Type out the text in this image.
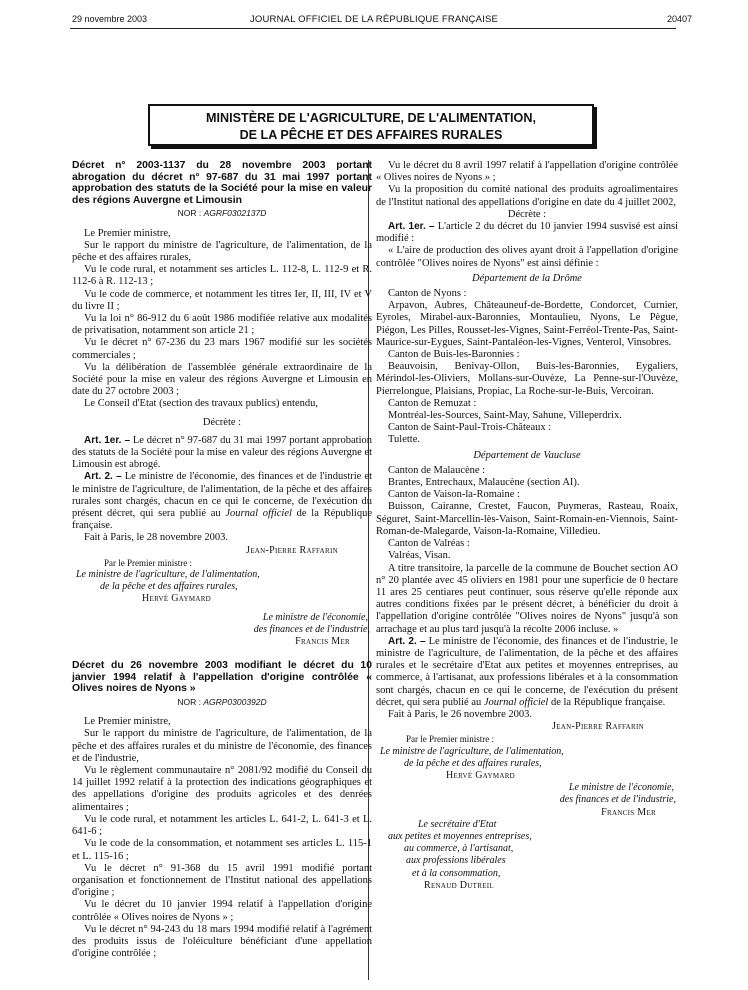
29 novembre 2003	JOURNAL OFFICIEL DE LA RÉPUBLIQUE FRANÇAISE	20407
MINISTÈRE DE L'AGRICULTURE, DE L'ALIMENTATION,
DE LA PÊCHE ET DES AFFAIRES RURALES
Décret n° 2003-1137 du 28 novembre 2003 portant abrogation du décret n° 97-687 du 31 mai 1997 portant approbation des statuts de la Société pour la mise en valeur des régions Auvergne et Limousin
NOR : AGRF0302137D

Le Premier ministre,

Sur le rapport du ministre de l'agriculture, de l'alimentation, de la pêche et des affaires rurales,

Vu le code rural, et notamment ses articles L. 112-8, L. 112-9 et R. 112-6 à R. 112-13 ;

Vu le code de commerce, et notamment les titres Ier, II, III, IV et V du livre II ;

Vu la loi n° 86-912 du 6 août 1986 modifiée relative aux modalités de privatisation, notamment son article 21 ;

Vu le décret n° 67-236 du 23 mars 1967 modifié sur les sociétés commerciales ;

Vu la délibération de l'assemblée générale extraordinaire de la Société pour la mise en valeur des régions Auvergne et Limousin en date du 27 octobre 2003 ;

Le Conseil d'Etat (section des travaux publics) entendu,

Décrète :

Art. 1er. – Le décret n° 97-687 du 31 mai 1997 portant approbation des statuts de la Société pour la mise en valeur des régions Auvergne et Limousin est abrogé.

Art. 2. – Le ministre de l'économie, des finances et de l'industrie et le ministre de l'agriculture, de l'alimentation, de la pêche et des affaires rurales sont chargés, chacun en ce qui le concerne, de l'exécution du présent décret, qui sera publié au Journal officiel de la République française.

Fait à Paris, le 28 novembre 2003.

Jean-Pierre Raffarin

Par le Premier ministre :

Le ministre de l'agriculture, de l'alimentation,

de la pêche et des affaires rurales,

Hervé Gaymard

Le ministre de l'économie,

des finances et de l'industrie,

Francis Mer

Décret du 26 novembre 2003 modifiant le décret du 10 janvier 1994 relatif à l'appellation d'origine contrôlée « Olives noires de Nyons »
NOR : AGRP0300392D

Le Premier ministre,

Sur le rapport du ministre de l'agriculture, de l'alimentation, de la pêche et des affaires rurales et du ministre de l'économie, des finances et de l'industrie,

Vu le règlement communautaire n° 2081/92 modifié du Conseil du 14 juillet 1992 relatif à la protection des indications géographiques et des appellations d'origine des produits agricoles et des denrées alimentaires ;

Vu le code rural, et notamment les articles L. 641-2, L. 641-3 et L. 641-6 ;

Vu le code de la consommation, et notamment ses articles L. 115-1 et L. 115-16 ;

Vu le décret n° 91-368 du 15 avril 1991 modifié portant organisation et fonctionnement de l'Institut national des appellations d'origine ;

Vu le décret du 10 janvier 1994 relatif à l'appellation d'origine contrôlée « Olives noires de Nyons » ;

Vu le décret n° 94-243 du 18 mars 1994 modifié relatif à l'agrément des produits issus de l'oléiculture bénéficiant d'une appellation d'origine contrôlée ;

Vu le décret du 8 avril 1997 relatif à l'appellation d'origine contrôlée « Olives noires de Nyons » ;

Vu la proposition du comité national des produits agroalimentaires de l'Institut national des appellations d'origine en date du 4 juillet 2002,

Décrète :

Art. 1er. – L'article 2 du décret du 10 janvier 1994 susvisé est ainsi modifié :

« L'aire de production des olives ayant droit à l'appellation d'origine contrôlée "Olives noires de Nyons" est ainsi définie :

Département de la Drôme

Canton de Nyons :

Arpavon, Aubres, Châteauneuf-de-Bordette, Condorcet, Curnier, Eyroles, Mirabel-aux-Baronnies, Montaulieu, Nyons, Le Pègue, Piégon, Les Pilles, Rousset-les-Vignes, Saint-Ferréol-Trente-Pas, Saint-Maurice-sur-Eygues, Saint-Pantaléon-les-Vignes, Venterol, Vinsobres.

Canton de Buis-les-Baronnies :

Beauvoisin, Benivay-Ollon, Buis-les-Baronnies, Eygaliers, Mérindol-les-Oliviers, Mollans-sur-Ouvèze, La Penne-sur-l'Ouvèze, Pierrelongue, Plaisians, Propiac, La Roche-sur-le-Buis, Vercoiran.

Canton de Remuzat :

Montréal-les-Sources, Saint-May, Sahune, Villeperdrix.

Canton de Saint-Paul-Trois-Châteaux :

Tulette.

Département de Vaucluse

Canton de Malaucène :

Brantes, Entrechaux, Malaucène (section AI).

Canton de Vaison-la-Romaine :

Buisson, Cairanne, Crestet, Faucon, Puymeras, Rasteau, Roaix, Séguret, Saint-Marcellin-lès-Vaison, Saint-Romain-en-Viennois, Saint-Roman-de-Malegarde, Vaison-la-Romaine, Villedieu.

Canton de Valréas :

Valréas, Visan.

A titre transitoire, la parcelle de la commune de Bouchet section AO n° 20 plantée avec 45 oliviers en 1981 pour une superficie de 0 hectare 11 ares 25 centiares peut continuer, sous réserve qu'elle réponde aux autres conditions fixées par le présent décret, à bénéficier du droit à l'appellation d'origine contrôlée "Olives noires de Nyons" jusqu'à son arrachage et au plus tard jusqu'à la récolte 2006 incluse. »

Art. 2. – Le ministre de l'économie, des finances et de l'industrie, le ministre de l'agriculture, de l'alimentation, de la pêche et des affaires rurales et le secrétaire d'Etat aux petites et moyennes entreprises, au commerce, à l'artisanat, aux professions libérales et à la consommation sont chargés, chacun en ce qui le concerne, de l'exécution du présent décret, qui sera publié au Journal officiel de la République française.

Fait à Paris, le 26 novembre 2003.

Jean-Pierre Raffarin

Par le Premier ministre :

Le ministre de l'agriculture, de l'alimentation,

de la pêche et des affaires rurales,

Hervé Gaymard

Le ministre de l'économie,

des finances et de l'industrie,

Francis Mer

Le secrétaire d'Etat

aux petites et moyennes entreprises,

au commerce, à l'artisanat,

aux professions libérales

et à la consommation,

Renaud Dutreil
